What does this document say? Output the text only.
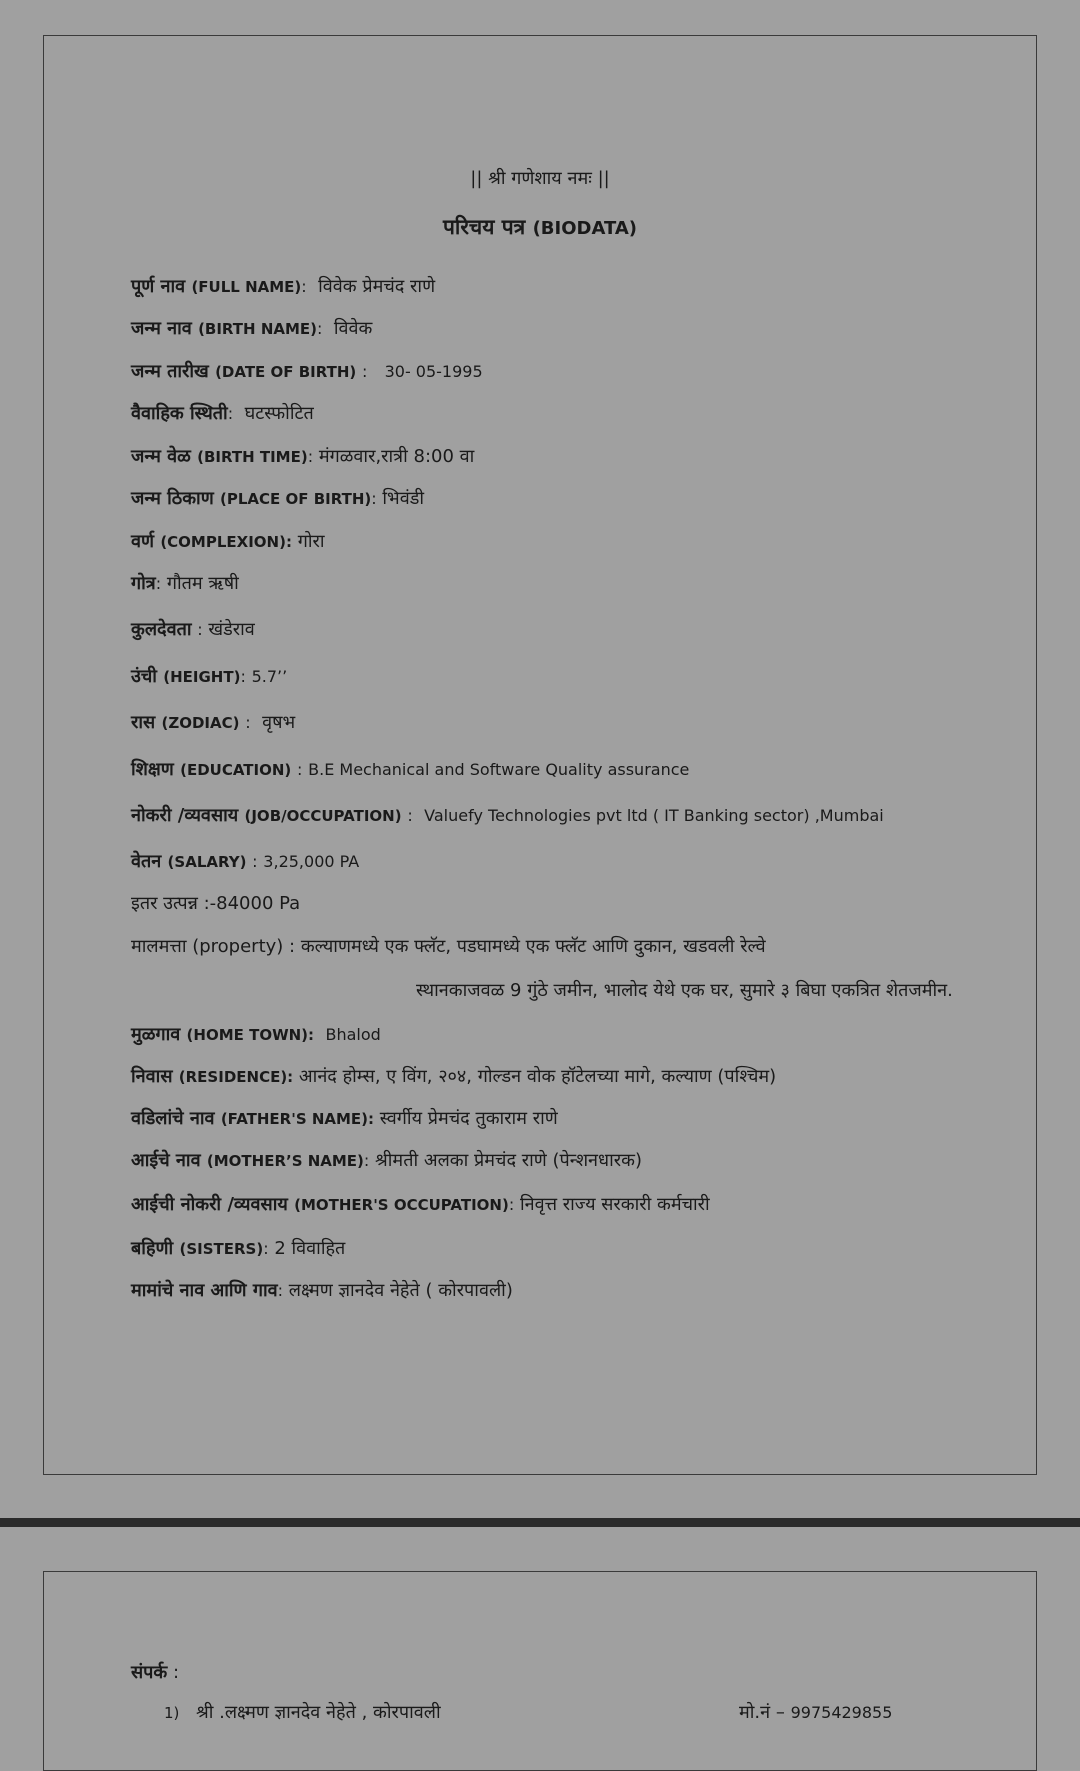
|| श्री गणेशाय नमः ||
परिचय पत्र (BIODATA)
पूर्ण नाव (FULL NAME): विवेक प्रेमचंद राणे
जन्म नाव (BIRTH NAME): विवेक
जन्म तारीख (DATE OF BIRTH) : 30- 05-1995
वैवाहिक स्थिती: घटस्फोटित
जन्म वेळ (BIRTH TIME): मंगळवार,रात्री 8:00 वा
जन्म ठिकाण (PLACE OF BIRTH): भिवंडी
वर्ण (COMPLEXION): गोरा
गोत्र: गौतम ऋषी
कुलदेवता : खंडेराव
उंची (HEIGHT): 5.7’’
रास (ZODIAC) : वृषभ
शिक्षण (EDUCATION) : B.E Mechanical and Software Quality assurance
नोकरी /व्यवसाय (JOB/OCCUPATION) : Valuefy Technologies pvt ltd ( IT Banking sector) ,Mumbai
वेतन (SALARY) : 3,25,000 PA
इतर उत्पन्न :-84000 Pa
मालमत्ता (property) : कल्याणमध्ये एक फ्लॅट, पडघामध्ये एक फ्लॅट आणि दुकान, खडवली रेल्वे
स्थानकाजवळ 9 गुंठे जमीन, भालोद येथे एक घर, सुमारे ३ बिघा एकत्रित शेतजमीन.
मुळगाव (HOME TOWN): Bhalod
निवास (RESIDENCE): आनंद होम्स, ए विंग, २०४, गोल्डन वोक हॉटेलच्या मागे, कल्याण (पश्चिम)
वडिलांचे नाव (FATHER'S NAME): स्वर्गीय प्रेमचंद तुकाराम राणे
आईचे नाव (MOTHER’S NAME): श्रीमती अलका प्रेमचंद राणे (पेन्शनधारक)
आईची नोकरी /व्यवसाय (MOTHER'S OCCUPATION): निवृत्त राज्य सरकारी कर्मचारी
बहिणी (SISTERS): 2 विवाहित
मामांचे नाव आणि गाव: लक्ष्मण ज्ञानदेव नेहेते ( कोरपावली)
संपर्क :
1) श्री .लक्ष्मण ज्ञानदेव नेहेते , कोरपावली	मो.नं – 9975429855
